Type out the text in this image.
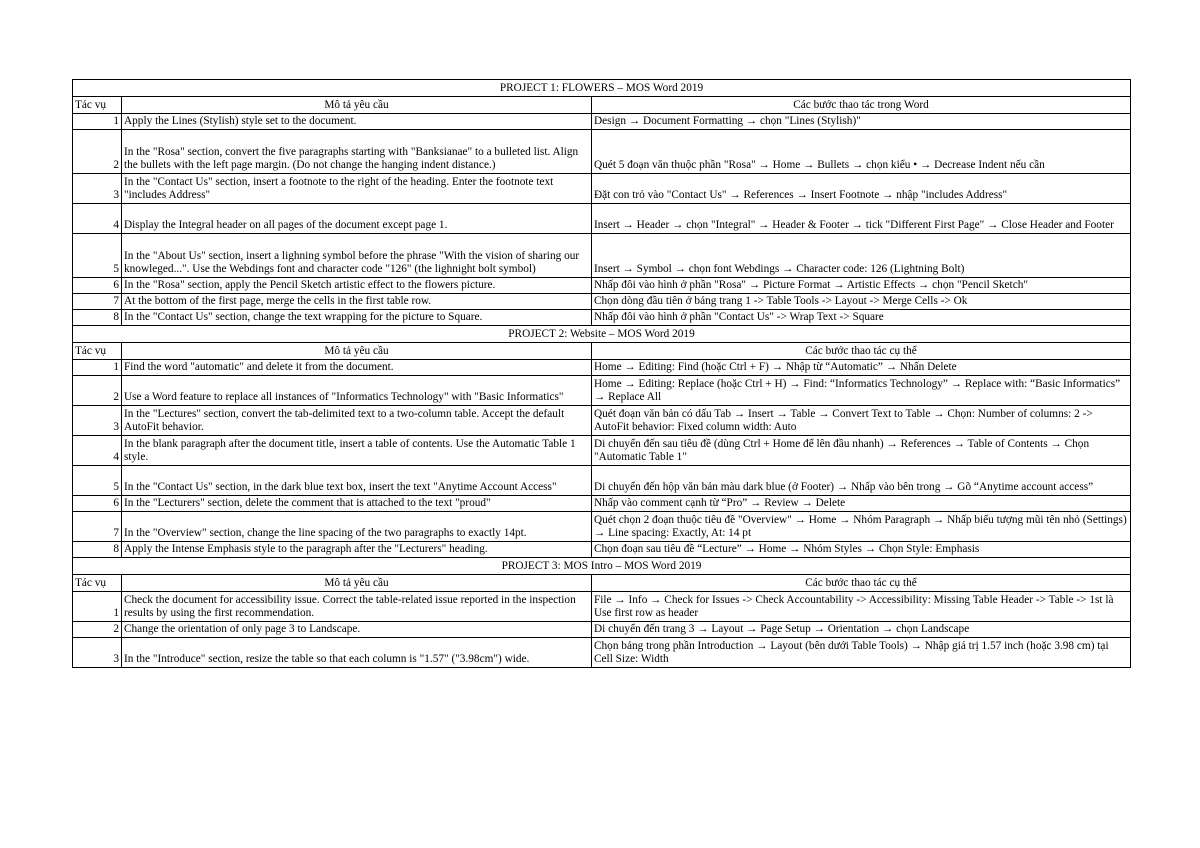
PROJECT 1: FLOWERS – MOS Word 2019		
Tác vụ	Mô tả yêu cầu	Các bước thao tác trong Word
1	Apply the Lines (Stylish) style set to the document.	Design → Document Formatting → chọn "Lines (Stylish)"
2	In the "Rosa" section, convert the five paragraphs starting with "Banksianae" to a bulleted list. Align the bullets with the left page margin. (Do not change the hanging indent distance.)	Quét 5 đoạn văn thuộc phần "Rosa" → Home → Bullets → chọn kiểu • → Decrease Indent nếu cần
3	In the "Contact Us" section, insert a footnote to the right of the heading. Enter the footnote text "includes Address"	Đặt con trỏ vào "Contact Us" → References → Insert Footnote → nhập "includes Address"
4	Display the Integral header on all pages of the document except page 1.	Insert → Header → chọn "Integral" → Header & Footer → tick "Different First Page" → Close Header and Footer
5	In the "About Us" section, insert a lighning symbol before the phrase "With the vision of sharing our knowleged...". Use the Webdings font and character code "126" (the lighnight bolt symbol)	Insert → Symbol → chọn font Webdings → Character code: 126 (Lightning Bolt)
6	In the "Rosa" section, apply the Pencil Sketch artistic effect to the flowers picture.	Nhấp đôi vào hình ở phần "Rosa" → Picture Format → Artistic Effects → chọn "Pencil Sketch"
7	At the bottom of the first page, merge the cells in the first table row.	Chọn dòng đầu tiên ở bảng trang 1 -> Table Tools -> Layout -> Merge Cells -> Ok
8	In the "Contact Us" section, change the text wrapping for the picture to Square.	Nhấp đôi vào hình ở phần "Contact Us" -> Wrap Text -> Square
PROJECT 2: Website – MOS Word 2019		
Tác vụ	Mô tả yêu cầu	Các bước thao tác cụ thể
1	Find the word "automatic" and delete it from the document.	Home → Editing: Find (hoặc Ctrl + F) → Nhập từ “Automatic” → Nhấn Delete
2	Use a Word feature to replace all instances of "Informatics Technology" with "Basic Informatics"	Home → Editing: Replace (hoặc Ctrl + H) → Find: “Informatics Technology” → Replace with: “Basic Informatics” → Replace All
3	In the "Lectures" section, convert the tab-delimited text to a two-column table. Accept the default AutoFit behavior.	Quét đoạn văn bản có dấu Tab → Insert → Table → Convert Text to Table → Chọn: Number of columns: 2 -> AutoFit behavior: Fixed column width: Auto
4	In the blank paragraph after the document title, insert a table of contents. Use the Automatic Table 1 style.	Di chuyển đến sau tiêu đề (dùng Ctrl + Home để lên đầu nhanh) → References → Table of Contents → Chọn "Automatic Table 1"
5	In the "Contact Us" section, in the dark blue text box, insert the text "Anytime Account Access"	Di chuyển đến hộp văn bản màu dark blue (ở Footer) → Nhấp vào bên trong → Gõ “Anytime account access”
6	In the "Lecturers" section, delete the comment that is attached to the text "proud"	Nhấp vào comment cạnh từ “Pro” → Review → Delete
7	In the "Overview" section, change the line spacing of the two paragraphs to exactly 14pt.	Quét chọn 2 đoạn thuộc tiêu đề "Overview" → Home → Nhóm Paragraph → Nhấp biểu tượng mũi tên nhỏ (Settings) → Line spacing: Exactly, At: 14 pt
8	Apply the Intense Emphasis style to the paragraph after the "Lecturers" heading.	Chọn đoạn sau tiêu đề “Lecture” → Home → Nhóm Styles → Chọn Style: Emphasis
PROJECT 3: MOS Intro – MOS Word 2019		
Tác vụ	Mô tả yêu cầu	Các bước thao tác cụ thể
1	Check the document for accessibility issue. Correct the table-related issue reported in the inspection results by using the first recommendation.	File → Info → Check for Issues -> Check Accountability -> Accessibility: Missing Table Header -> Table -> 1st là Use first row as header
2	Change the orientation of only page 3 to Landscape.	Di chuyển đến trang 3 → Layout → Page Setup → Orientation → chọn Landscape
3	In the "Introduce" section, resize the table so that each column is "1.57" ("3.98cm") wide.	Chọn bảng trong phần Introduction → Layout (bên dưới Table Tools) → Nhập giá trị 1.57 inch (hoặc 3.98 cm) tại Cell Size: Width
